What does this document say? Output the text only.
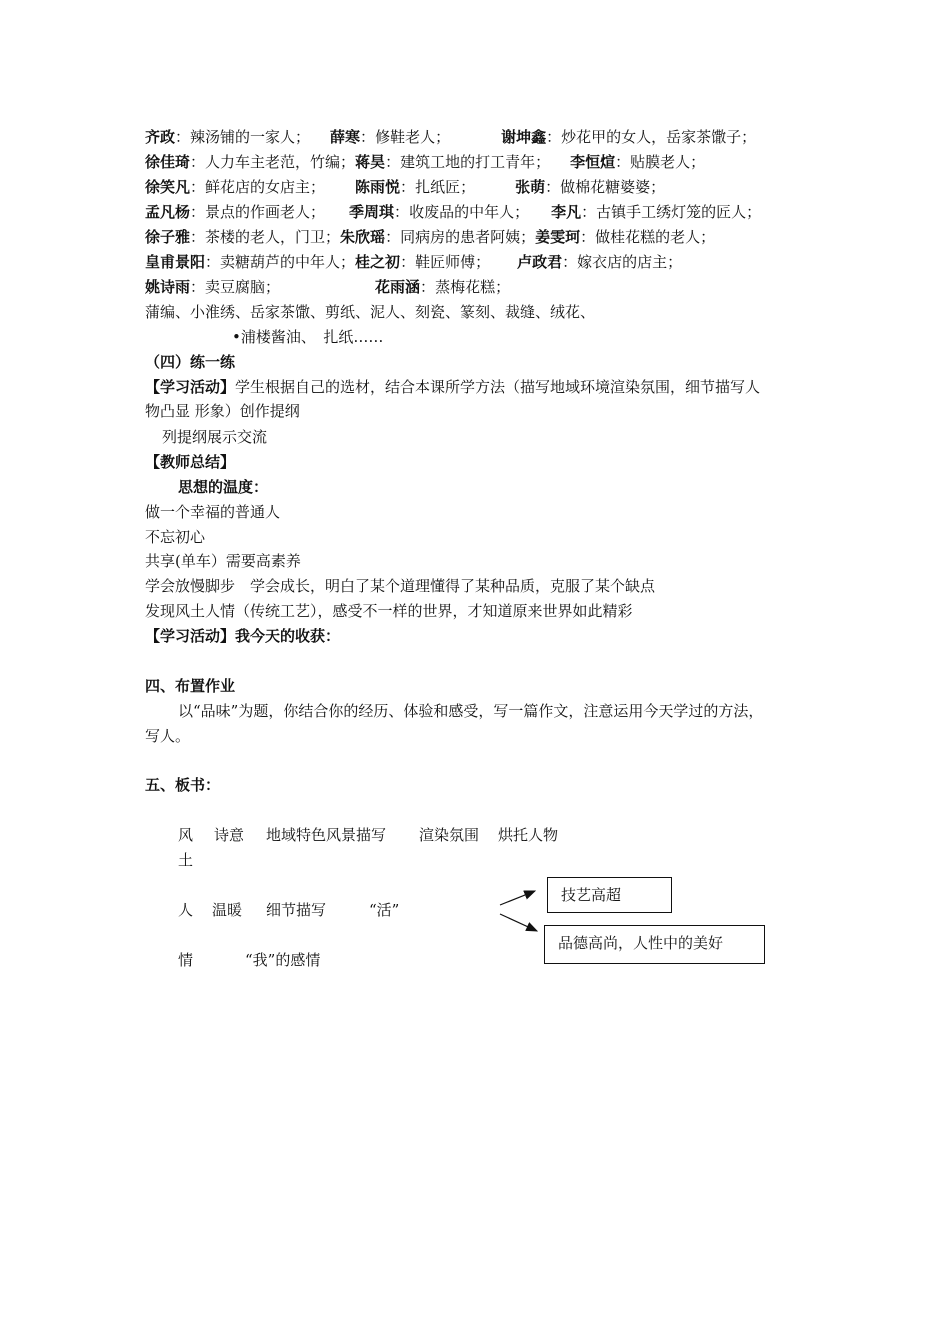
齐政：辣汤铺的一家人； 薛寒：修鞋老人；	谢坤鑫：炒花甲的女人，岳家茶馓子；
徐佳琦：人力车主老范，竹编；蒋昊：建筑工地的打工青年； 李恒煊：贴膜老人；
徐笑凡：鲜花店的女店主； 陈雨悦：扎纸匠；	张萌：做棉花糖婆婆；
孟凡杨：景点的作画老人； 季周琪：收废品的中年人； 李凡：古镇手工绣灯笼的匠人；
徐子雅：茶楼的老人，门卫；朱欣瑶：同病房的患者阿姨；姜雯珂：做桂花糕的老人；
皇甫景阳：卖糖葫芦的中年人；桂之初：鞋匠师傅； 卢政君：嫁衣店的店主；
姚诗雨：卖豆腐脑；	花雨涵：蒸梅花糕；
蒲编、小淮绣、岳家茶馓、剪纸、泥人、刻瓷、篆刻、裁缝、绒花、
•浦楼酱油、　扎纸……
（四）练一练
【学习活动】学生根据自己的选材，结合本课所学方法（描写地域环境渲染氛围，细节描写人
物凸显 形象）创作提纲
列提纲展示交流
【教师总结】
思想的温度：
做一个幸福的普通人
不忘初心
共享(单车）需要高素养
学会放慢脚步　学会成长，明白了某个道理懂得了某种品质，克服了某个缺点
发现风土人情（传统工艺），感受不一样的世界，才知道原来世界如此精彩
【学习活动】我今天的收获：
四、布置作业
以“品味”为题，你结合你的经历、体验和感受，写一篇作文，注意运用今天学过的方法，
写人。
五、板书：
风 诗意 地域特色风景描写 渲染氛围 烘托人物
土
人 温暖 细节描写	“活”
情	“我”的感情
技艺高超
品德高尚，人性中的美好
